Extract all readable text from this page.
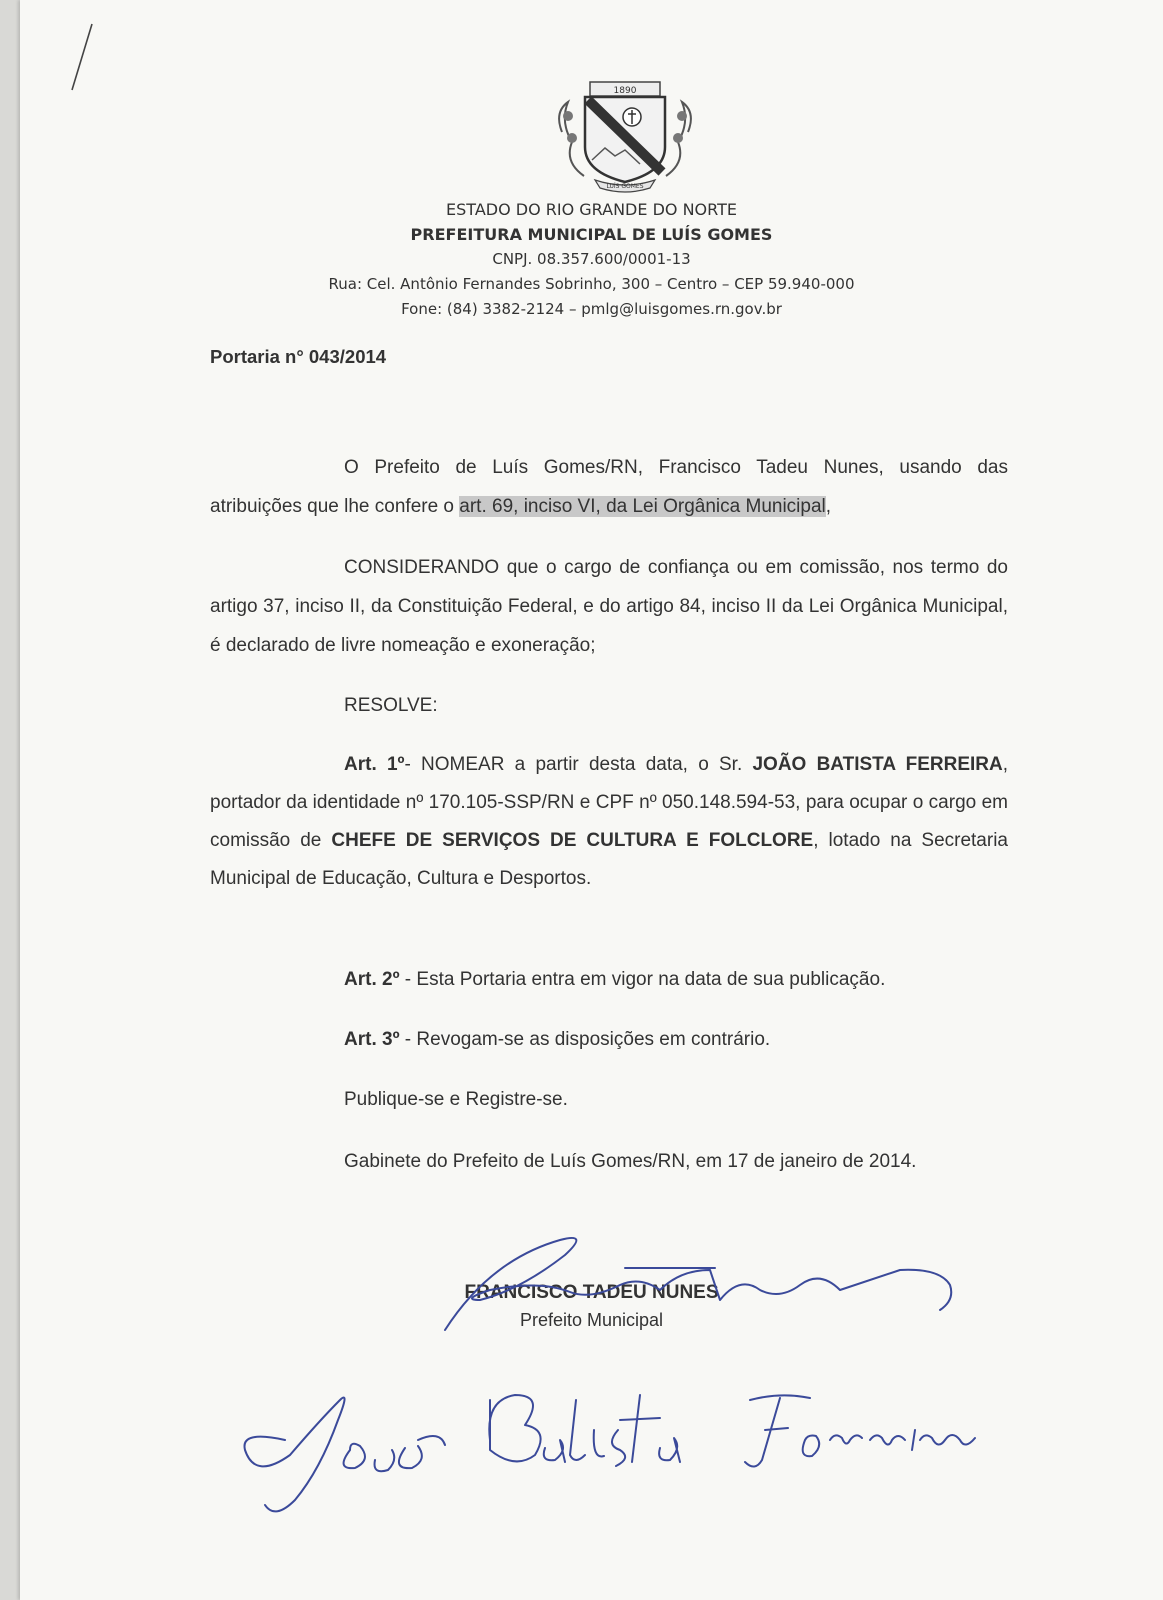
1890
LUÍS GOMES
ESTADO DO RIO GRANDE DO NORTE
PREFEITURA MUNICIPAL DE LUÍS GOMES
CNPJ. 08.357.600/0001-13
Rua: Cel. Antônio Fernandes Sobrinho, 300 – Centro – CEP 59.940-000
Fone: (84) 3382-2124 – pmlg@luisgomes.rn.gov.br
Portaria n° 043/2014
O Prefeito de Luís Gomes/RN, Francisco Tadeu Nunes, usando das atribuições que lhe confere o art. 69, inciso VI, da Lei Orgânica Municipal,
CONSIDERANDO que o cargo de confiança ou em comissão, nos termo do artigo 37, inciso II, da Constituição Federal, e do artigo 84, inciso II da Lei Orgânica Municipal, é declarado de livre nomeação e exoneração;
RESOLVE:
Art. 1º- NOMEAR a partir desta data, o Sr. JOÃO BATISTA FERREIRA, portador da identidade nº 170.105-SSP/RN e CPF nº 050.148.594-53, para ocupar o cargo em comissão de CHEFE DE SERVIÇOS DE CULTURA E FOLCLORE, lotado na Secretaria Municipal de Educação, Cultura e Desportos.
Art. 2º - Esta Portaria entra em vigor na data de sua publicação.
Art. 3º - Revogam-se as disposições em contrário.
Publique-se e Registre-se.
Gabinete do Prefeito de Luís Gomes/RN, em 17 de janeiro de 2014.
FRANCISCO TADEU NUNES
Prefeito Municipal
